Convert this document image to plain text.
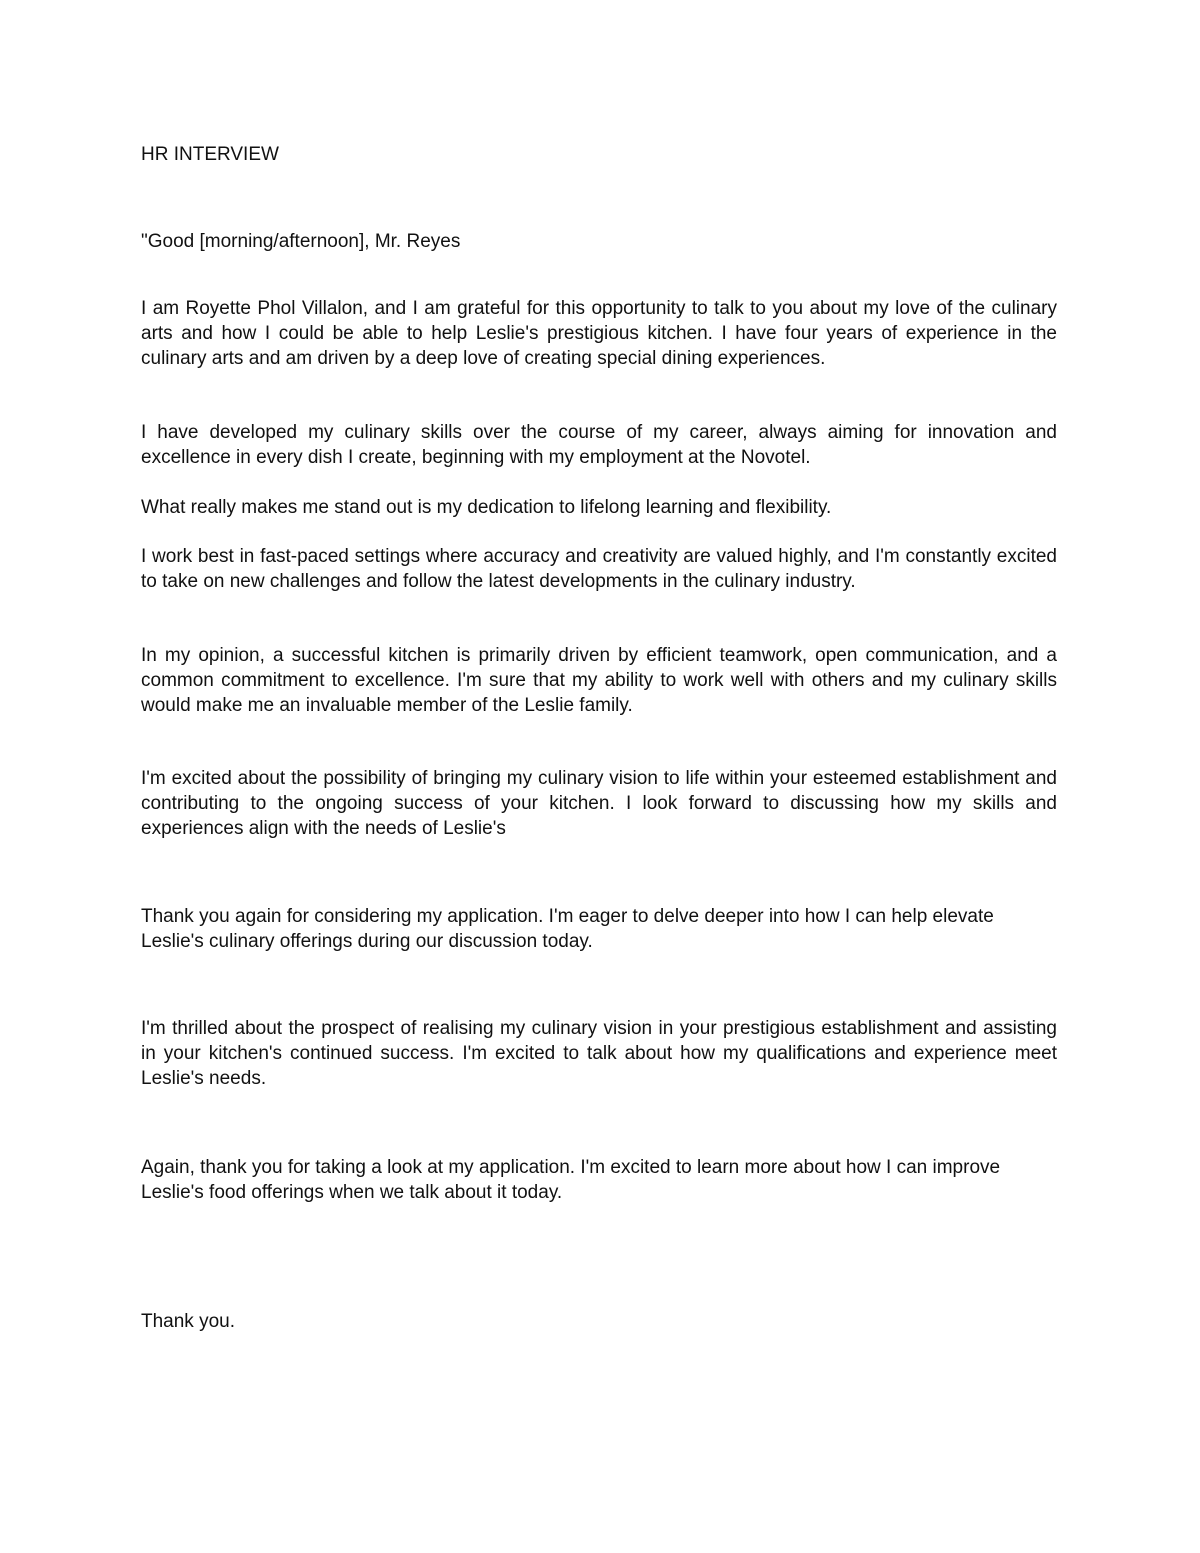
HR INTERVIEW

"Good [morning/afternoon], Mr. Reyes

I am Royette Phol Villalon, and I am grateful for this opportunity to talk to you about my love of the culinary arts and how I could be able to help Leslie's prestigious kitchen. I have four years of experience in the culinary arts and am driven by a deep love of creating special dining experiences.

I have developed my culinary skills over the course of my career, always aiming for innovation and excellence in every dish I create, beginning with my employment at the Novotel.

What really makes me stand out is my dedication to lifelong learning and flexibility.

I work best in fast-paced settings where accuracy and creativity are valued highly, and I'm constantly excited to take on new challenges and follow the latest developments in the culinary industry.

In my opinion, a successful kitchen is primarily driven by efficient teamwork, open communication, and a common commitment to excellence. I'm sure that my ability to work well with others and my culinary skills would make me an invaluable member of the Leslie family.

I'm excited about the possibility of bringing my culinary vision to life within your esteemed establishment and contributing to the ongoing success of your kitchen. I look forward to discussing how my skills and experiences align with the needs of Leslie's

Thank you again for considering my application. I'm eager to delve deeper into how I can help elevate Leslie's culinary offerings during our discussion today.

I'm thrilled about the prospect of realising my culinary vision in your prestigious establishment and assisting in your kitchen's continued success. I'm excited to talk about how my qualifications and experience meet Leslie's needs.

Again, thank you for taking a look at my application. I'm excited to learn more about how I can improve Leslie's food offerings when we talk about it today.

Thank you.
